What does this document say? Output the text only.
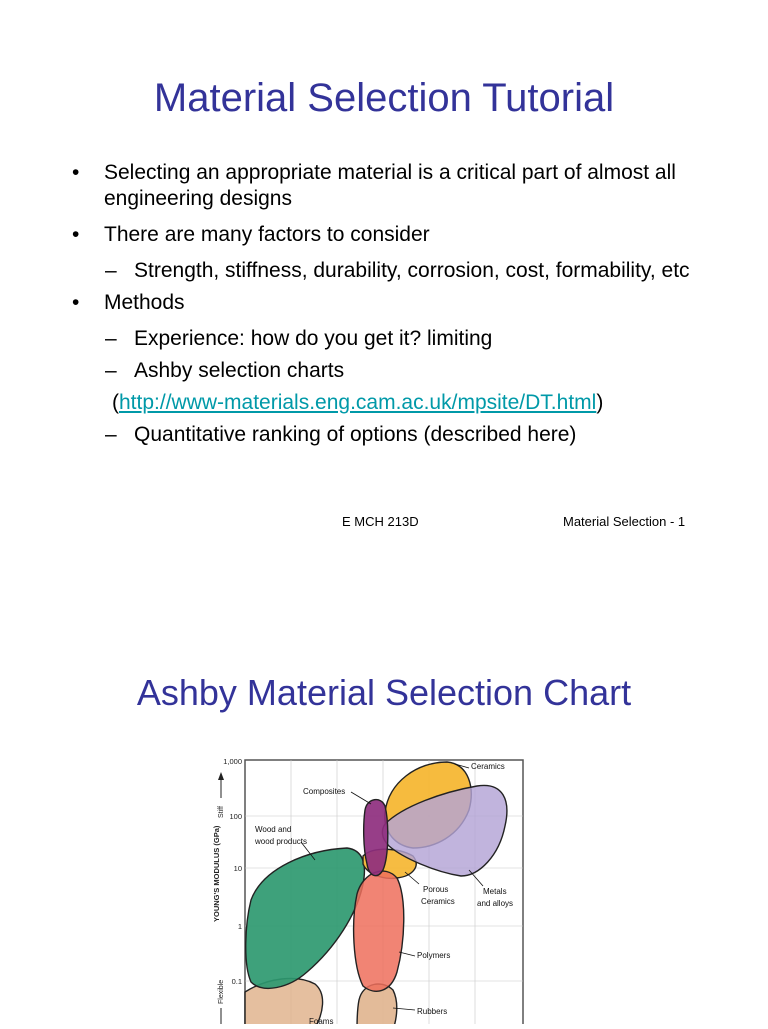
Material Selection Tutorial
• Selecting an appropriate material is a critical part of almost all engineering designs
• There are many factors to consider
– Strength, stiffness, durability, corrosion, cost, formability, etc
• Methods
– Experience: how do you get it? limiting
– Ashby selection charts
(http://www-materials.eng.cam.ac.uk/mpsite/DT.html)
– Quantitative ranking of options (described here)
E MCH 213D	Material Selection - 1
Ashby Material Selection Chart
Ceramics
Composites
Wood and
wood products
Porous
Ceramics
Metals
and alloys
Polymers
Rubbers
Foams
1,000
100
10
1
0.1
Stiff
YOUNG'S MODULUS (GPa)
Flexible
